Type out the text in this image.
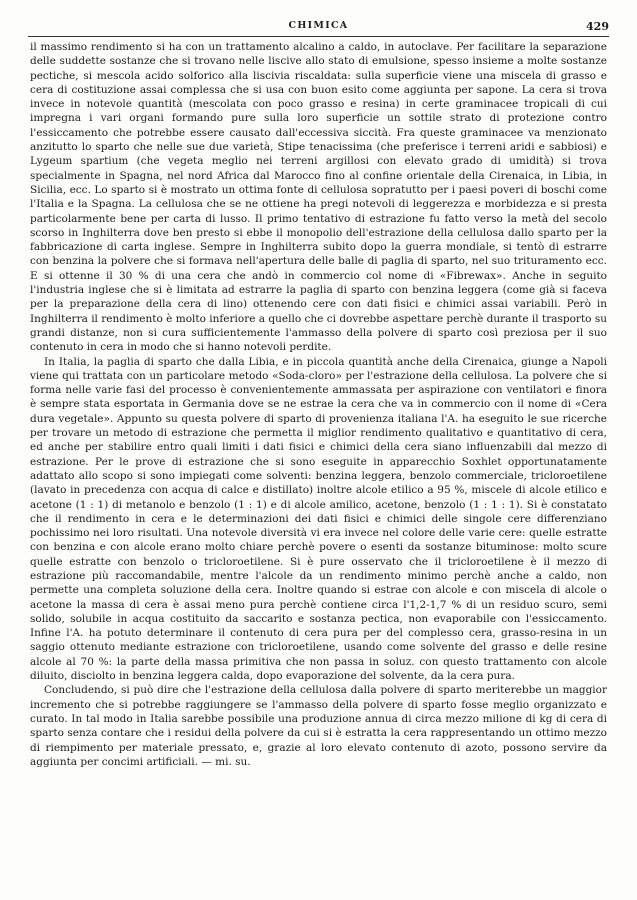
CHIMICA	429

il massimo rendimento si ha con un trattamento alcalino a caldo, in autoclave. Per facilitare la separazione delle suddette sostanze che si trovano nelle liscive allo stato di emulsione, spesso insieme a molte sostanze pectiche, si mescola acido solforico alla liscivia riscaldata: sulla superficie viene una miscela di grasso e cera di costituzione assai complessa che si usa con buon esito come aggiunta per sapone. La cera si trova invece in notevole quantità (mescolata con poco grasso e resina) in certe graminacee tropicali di cui impregna i vari organi formando pure sulla loro superficie un sottile strato di protezione contro l'essiccamento che potrebbe essere causato dall'eccessiva siccità. Fra queste graminacee va menzionato anzitutto lo sparto che nelle sue due varietà, Stipe tenacissima (che preferisce i terreni aridi e sabbiosi) e Lygeum spartium (che vegeta meglio nei terreni argillosi con elevato grado di umidità) si trova specialmente in Spagna, nel nord Africa dal Marocco fino al confine orientale della Cirenaica, in Libia, in Sicilia, ecc. Lo sparto si è mostrato un ottima fonte di cellulosa sopratutto per i paesi poveri di boschi come l'Italia e la Spagna. La cellulosa che se ne ottiene ha pregi notevoli di leggerezza e morbidezza e si presta particolarmente bene per carta di lusso. Il primo tentativo di estrazione fu fatto verso la metà del secolo scorso in Inghilterra dove ben presto si ebbe il monopolio dell'estrazione della cellulosa dallo sparto per la fabbricazione di carta inglese. Sempre in Inghilterra subito dopo la guerra mondiale, si tentò di estrarre con benzina la polvere che si formava nell'apertura delle balle di paglia di sparto, nel suo trituramento ecc. E si ottenne il 30 % di una cera che andò in commercio col nome di «Fibrewax». Anche in seguito l'industria inglese che si è limitata ad estrarre la paglia di sparto con benzina leggera (come già si faceva per la preparazione della cera di lino) ottenendo cere con dati fisici e chimici assai variabili. Però in Inghilterra il rendimento è molto inferiore a quello che ci dovrebbe aspettare perchè durante il trasporto su grandi distanze, non si cura sufficientemente l'ammasso della polvere di sparto così preziosa per il suo contenuto in cera in modo che si hanno notevoli perdite.

In Italia, la paglia di sparto che dalla Libia, e in piccola quantità anche della Cirenaica, giunge a Napoli viene qui trattata con un particolare metodo «Soda-cloro» per l'estrazione della cellulosa. La polvere che si forma nelle varie fasi del processo è convenientemente ammassata per aspirazione con ventilatori e finora è sempre stata esportata in Germania dove se ne estrae la cera che va in commercio con il nome di «Cera dura vegetale». Appunto su questa polvere di sparto di provenienza italiana l'A. ha eseguito le sue ricerche per trovare un metodo di estrazione che permetta il miglior rendimento qualitativo e quantitativo di cera, ed anche per stabilire entro quali limiti i dati fisici e chimici della cera siano influenzabili dal mezzo di estrazione. Per le prove di estrazione che si sono eseguite in apparecchio Soxhlet opportunatamente adattato allo scopo si sono impiegati come solventi: benzina leggera, benzolo commerciale, tricloroetilene (lavato in precedenza con acqua di calce e distillato) inoltre alcole etilico a 95 %, miscele di alcole etilico e acetone (1 : 1) di metanolo e benzolo (1 : 1) e di alcole amilico, acetone, benzolo (1 : 1 : 1). Si è constatato che il rendimento in cera e le determinazioni dei dati fisici e chimici delle singole cere differenziano pochissimo nei loro risultati. Una notevole diversità vi era invece nel colore delle varie cere: quelle estratte con benzina e con alcole erano molto chiare perchè povere o esenti da sostanze bituminose: molto scure quelle estratte con benzolo o tricloroetilene. Si è pure osservato che il tricloroetilene è il mezzo di estrazione più raccomandabile, mentre l'alcole da un rendimento minimo perchè anche a caldo, non permette una completa soluzione della cera. Inoltre quando si estrae con alcole e con miscela di alcole o acetone la massa di cera è assai meno pura perchè contiene circa l'1,2-1,7 % di un residuo scuro, semi solido, solubile in acqua costituito da saccarito e sostanza pectica, non evaporabile con l'essiccamento. Infine l'A. ha potuto determinare il contenuto di cera pura per del complesso cera, grasso-resina in un saggio ottenuto mediante estrazione con tricloroetilene, usando come solvente del grasso e delle resine alcole al 70 %: la parte della massa primitiva che non passa in soluz. con questo trattamento con alcole diluito, disciolto in benzina leggera calda, dopo evaporazione del solvente, da la cera pura.

Concludendo, si può dire che l'estrazione della cellulosa dalla polvere di sparto meriterebbe un maggior incremento che si potrebbe raggiungere se l'ammasso della polvere di sparto fosse meglio organizzato e curato. In tal modo in Italia sarebbe possibile una produzione annua di circa mezzo milione di kg di cera di sparto senza contare che i residui della polvere da cui si è estratta la cera rappresentando un ottimo mezzo di riempimento per materiale pressato, e, grazie al loro elevato contenuto di azoto, possono servire da aggiunta per concimi artificiali. — mi. su.
